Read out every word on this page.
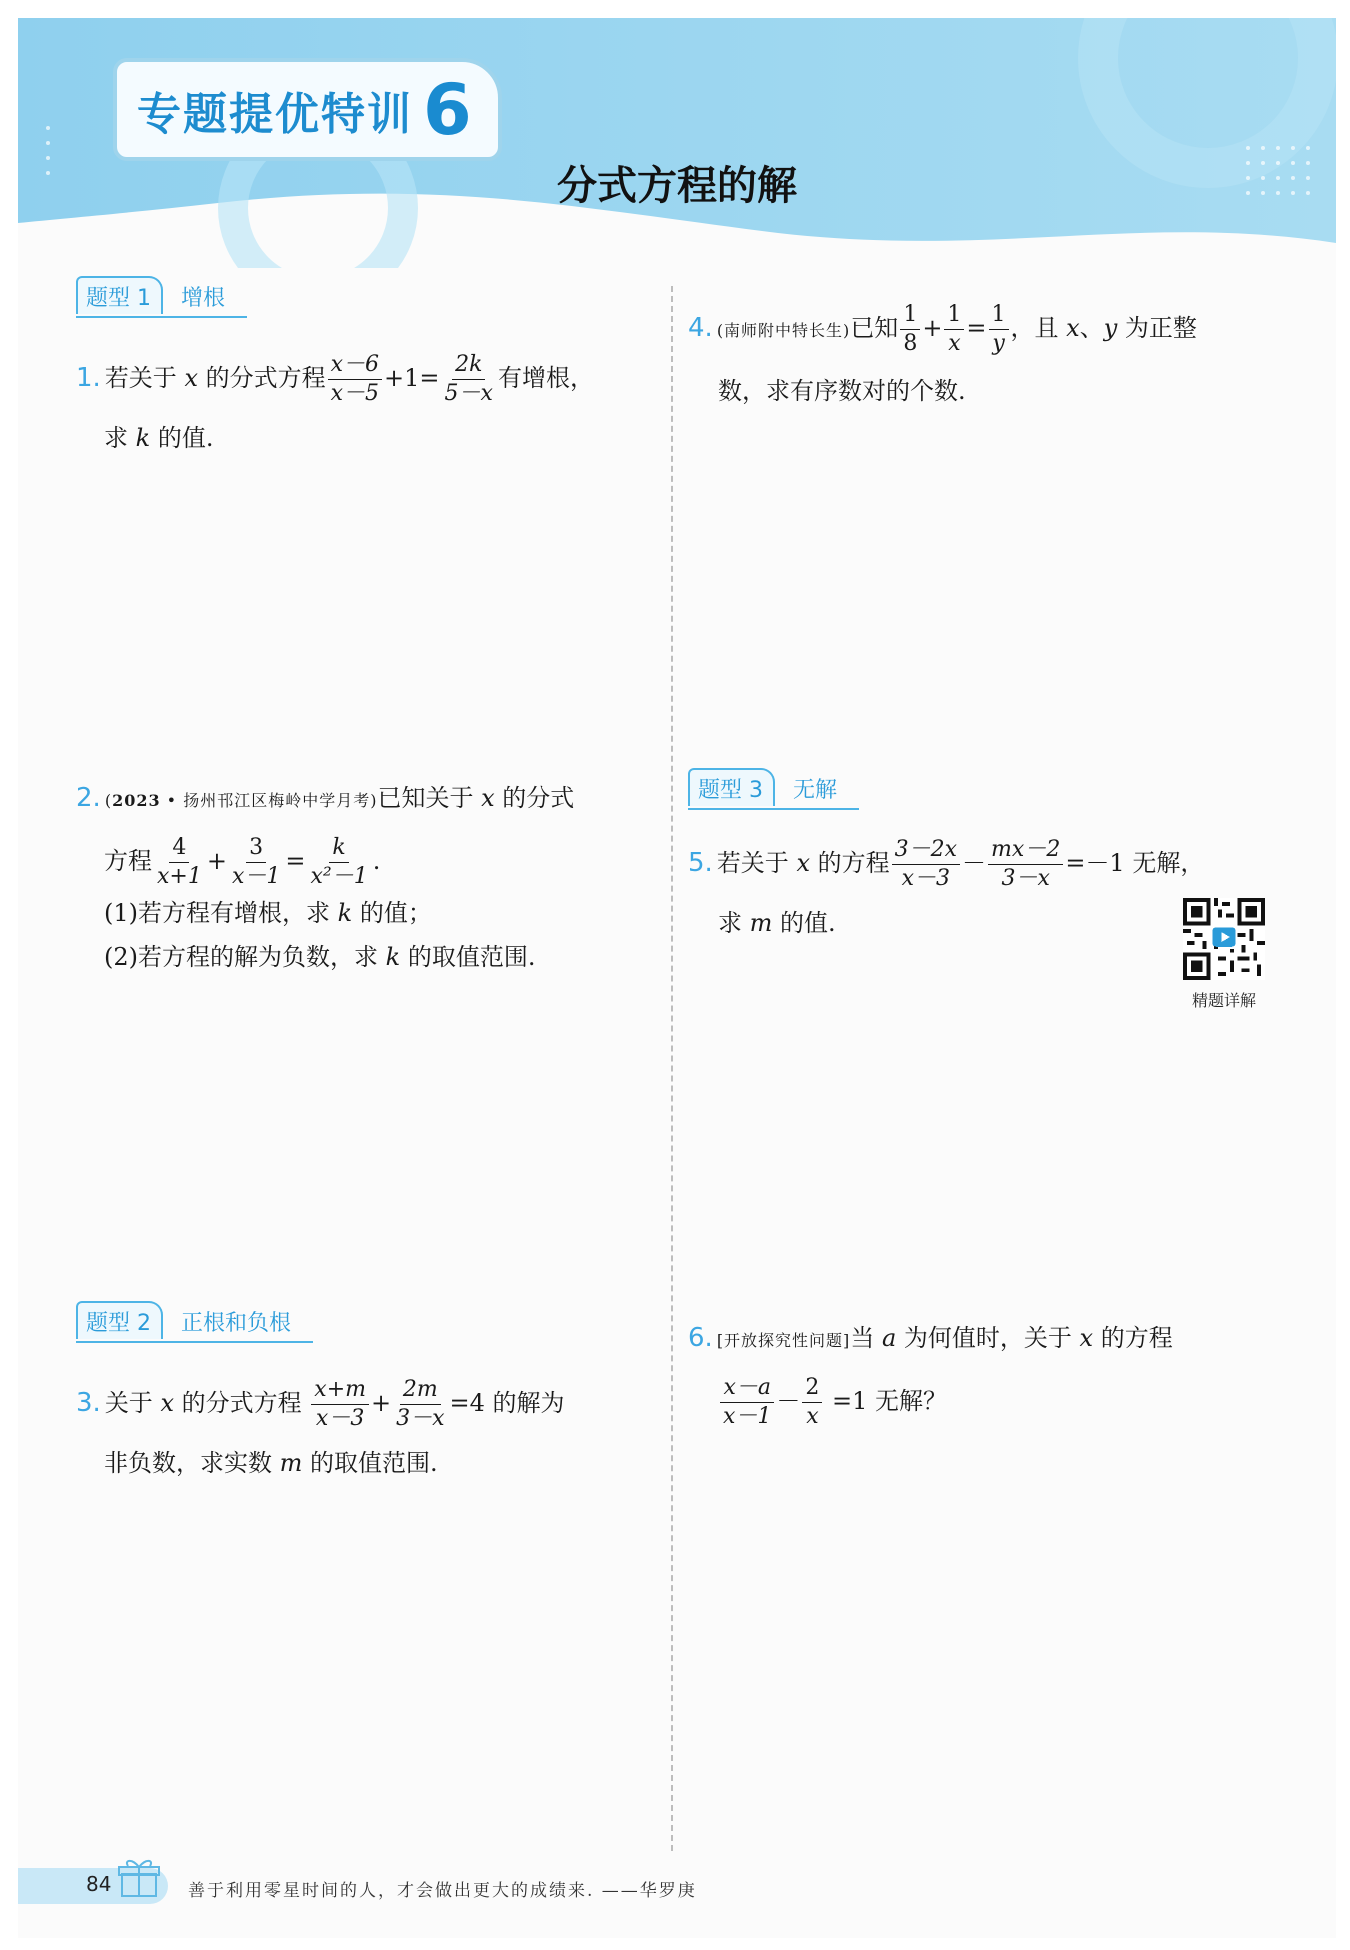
专题提优特训 6
分式方程的解
题型 1	增根
1. 若关于 x 的分式方程 $\frac{x-6}{x-5} +1= \frac{2k}{5-x}$ 有增根，
求 k 的值.
2. (2023 • 扬州邗江区梅岭中学月考)已知关于 x 的分式
方程 $\frac{4}{x+1} + \frac{3}{x-1} = \frac{k}{\text{x²－1}}$ .
(1)若方程有增根，求 k 的值；
(2)若方程的解为负数，求 k 的取值范围.
题型 2	正根和负根
3. 关于 x 的分式方程 $\frac{x+m}{x-3} + \frac{2m}{3-x} =4$ 的解为
非负数，求实数 m 的取值范围.
4. (南师附中特长生)已知 $\frac{1}{8} + \frac{1}{x} = \frac{1}{y}$ ，且 x、y 为正整
数，求有序数对的个数.
题型 3	无解
5. 若关于 x 的方程 $\frac{3-2x}{x-3} - \frac{mx-2}{3-x} =-1$ 无解，
求 m 的值.
精题详解
6. [开放探究性问题]当 a 为何值时，关于 x 的方程
$\frac{x-a}{x-1} - \frac{2}{x} =1$ 无解？
84	善于利用零星时间的人，才会做出更大的成绩来. ——华罗庚
